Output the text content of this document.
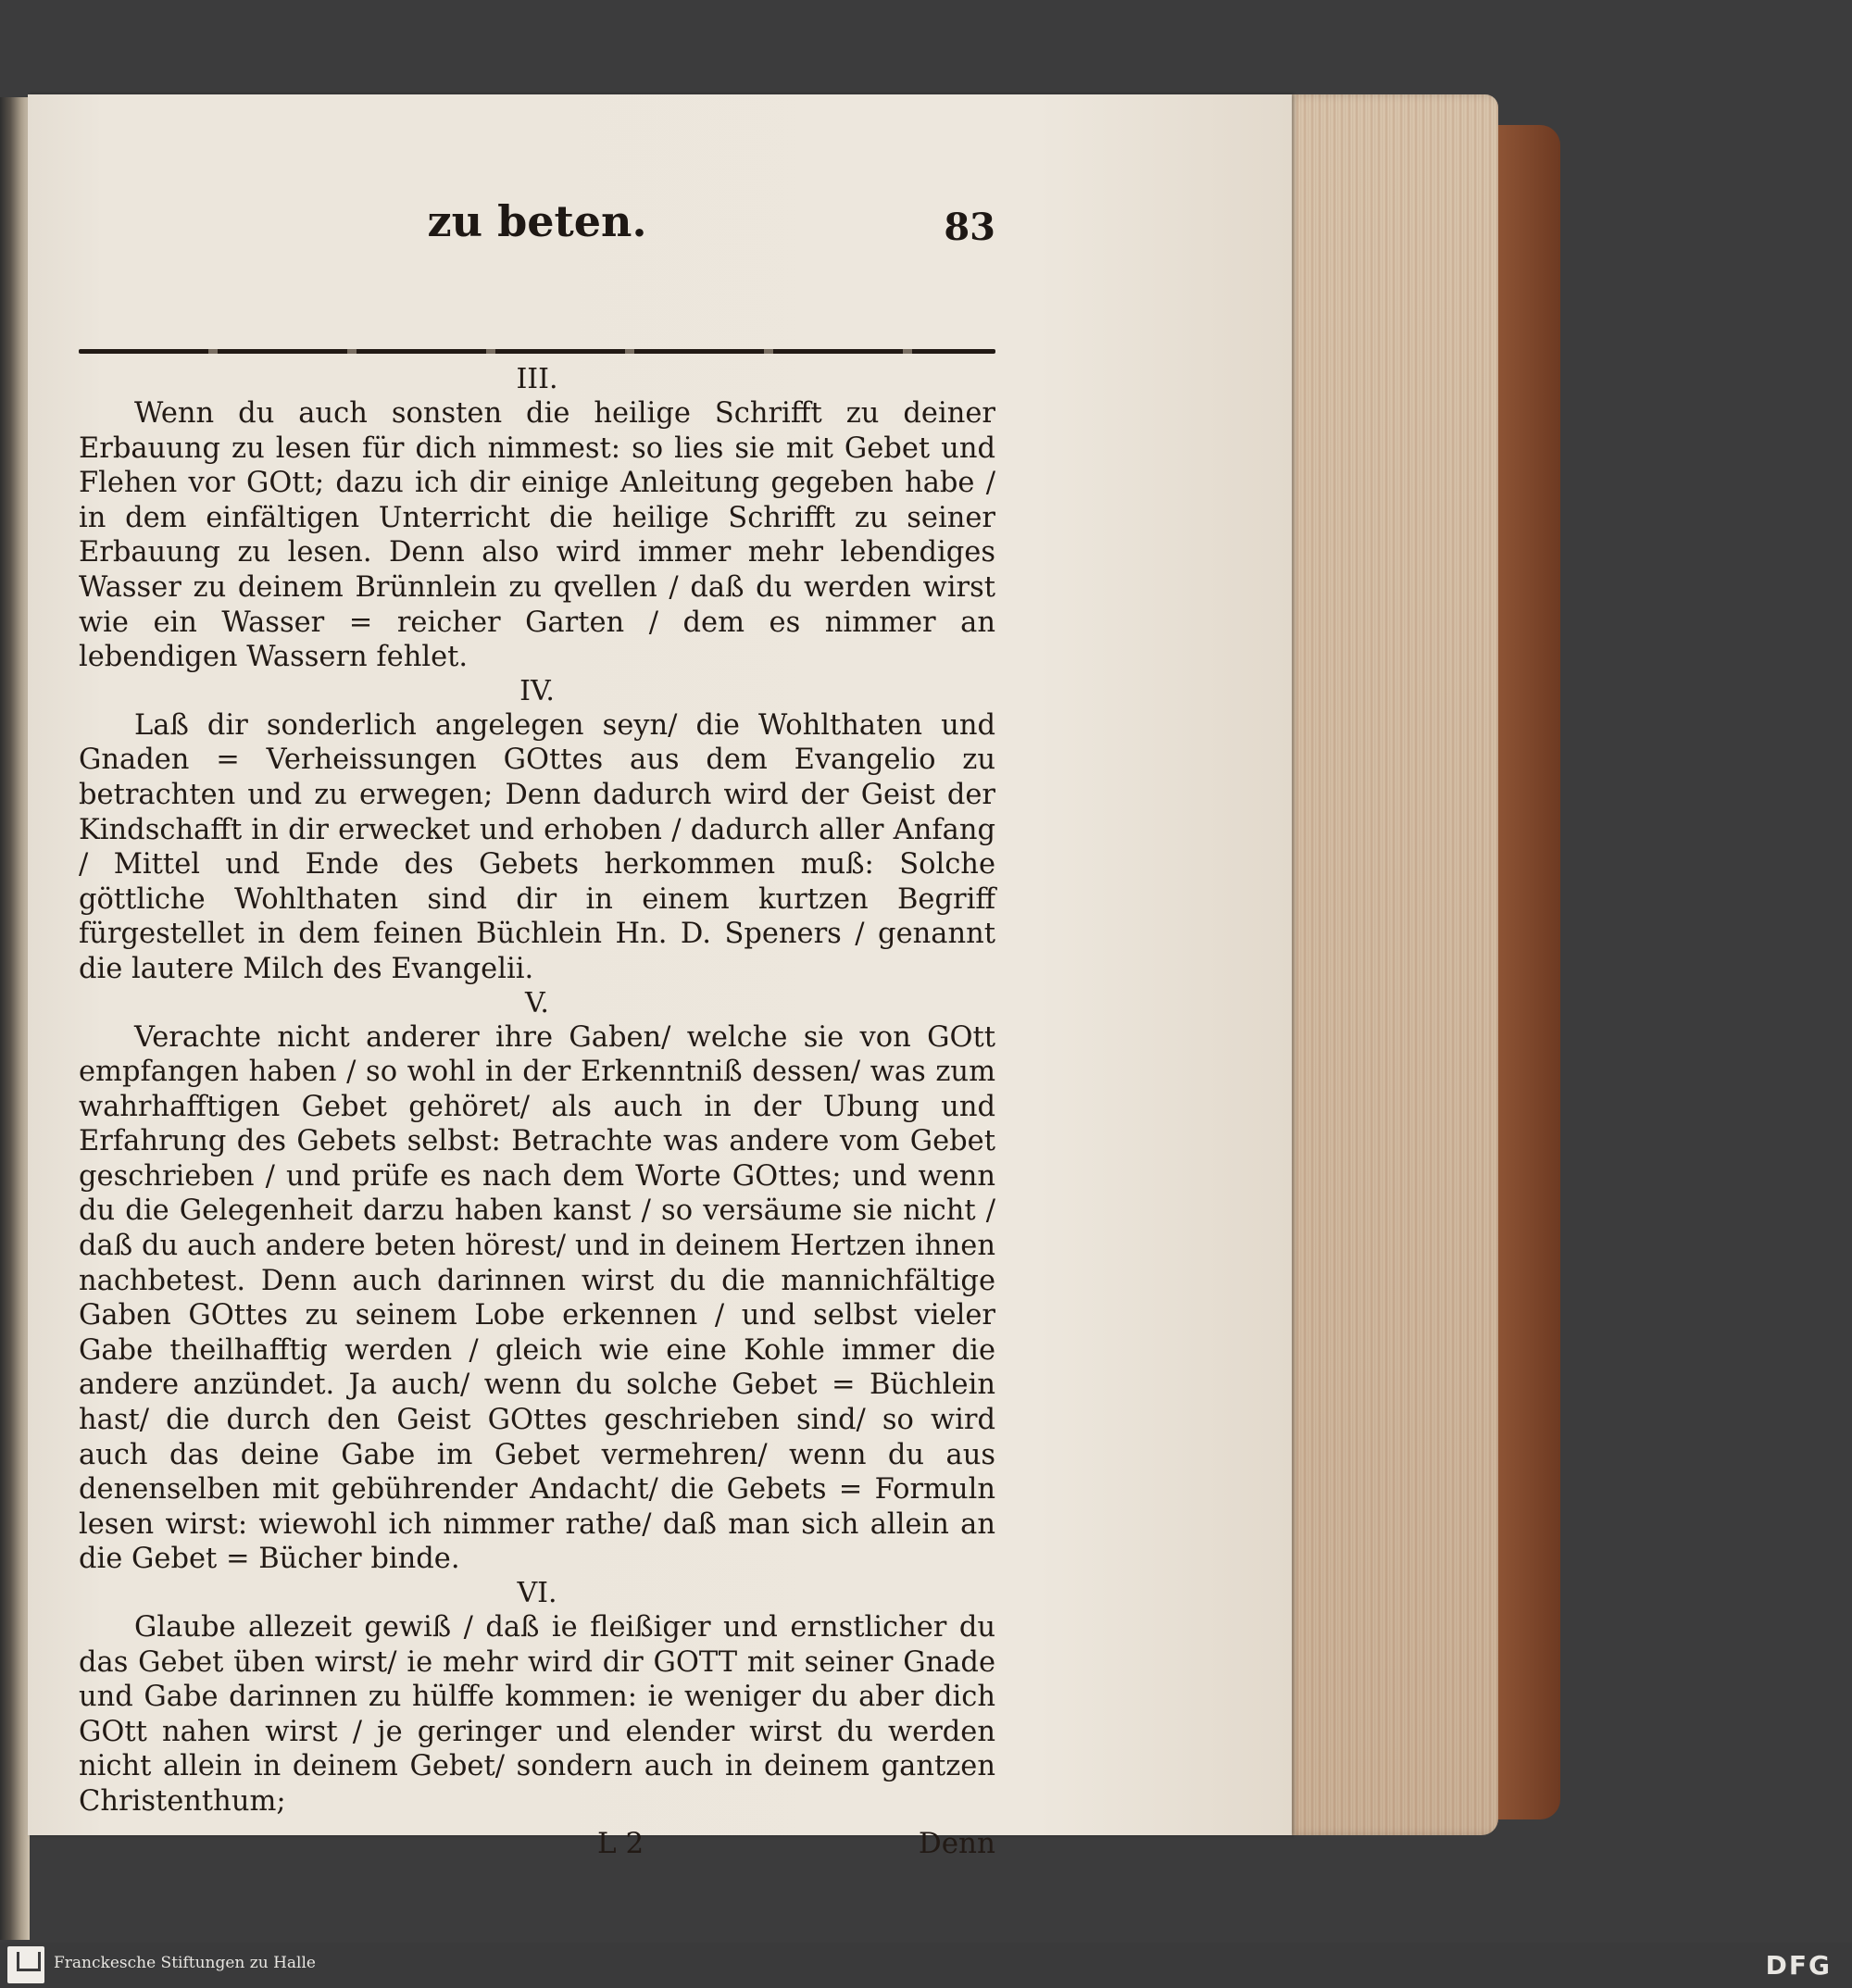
zu beten.	83
III.

Wenn du auch sonsten die heilige Schrifft zu deiner Erbauung zu lesen für dich nimmest: so lies sie mit Gebet und Flehen vor GOtt; dazu ich dir einige Anleitung gegeben habe / in dem einfältigen Unterricht die heilige Schrifft zu seiner Erbauung zu lesen. Denn also wird immer mehr lebendiges Wasser zu deinem Brünnlein zu qvellen / daß du werden wirst wie ein Wasser = reicher Garten / dem es nimmer an lebendigen Wassern fehlet.

IV.

Laß dir sonderlich angelegen seyn/ die Wohlthaten und Gnaden = Verheissungen GOttes aus dem Evangelio zu betrachten und zu erwegen; Denn dadurch wird der Geist der Kindschafft in dir erwecket und erhoben / dadurch aller Anfang / Mittel und Ende des Gebets herkommen muß: Solche göttliche Wohlthaten sind dir in einem kurtzen Begriff fürgestellet in dem feinen Büchlein Hn. D. Speners / genannt die lautere Milch des Evangelii.

V.

Verachte nicht anderer ihre Gaben/ welche sie von GOtt empfangen haben / so wohl in der Erkenntniß dessen/ was zum wahrhafftigen Gebet gehöret/ als auch in der Ubung und Erfahrung des Gebets selbst: Betrachte was andere vom Gebet geschrieben / und prüfe es nach dem Worte GOttes; und wenn du die Gelegenheit darzu haben kanst / so versäume sie nicht / daß du auch andere beten hörest/ und in deinem Hertzen ihnen nachbetest. Denn auch darinnen wirst du die mannichfältige Gaben GOttes zu seinem Lobe erkennen / und selbst vieler Gabe theilhafftig werden / gleich wie eine Kohle immer die andere anzündet. Ja auch/ wenn du solche Gebet = Büchlein hast/ die durch den Geist GOttes geschrieben sind/ so wird auch das deine Gabe im Gebet vermehren/ wenn du aus denenselben mit gebührender Andacht/ die Gebets = Formuln lesen wirst: wiewohl ich nimmer rathe/ daß man sich allein an die Gebet = Bücher binde.

VI.

Glaube allezeit gewiß / daß ie fleißiger und ernstlicher du das Gebet üben wirst/ ie mehr wird dir GOTT mit seiner Gnade und Gabe darinnen zu hülffe kommen: ie weniger du aber dich GOtt nahen wirst / je geringer und elender wirst du werden nicht allein in deinem Gebet/ sondern auch in deinem gantzen Christenthum;

L 2	Denn
Franckesche Stiftungen zu Halle	DFG
